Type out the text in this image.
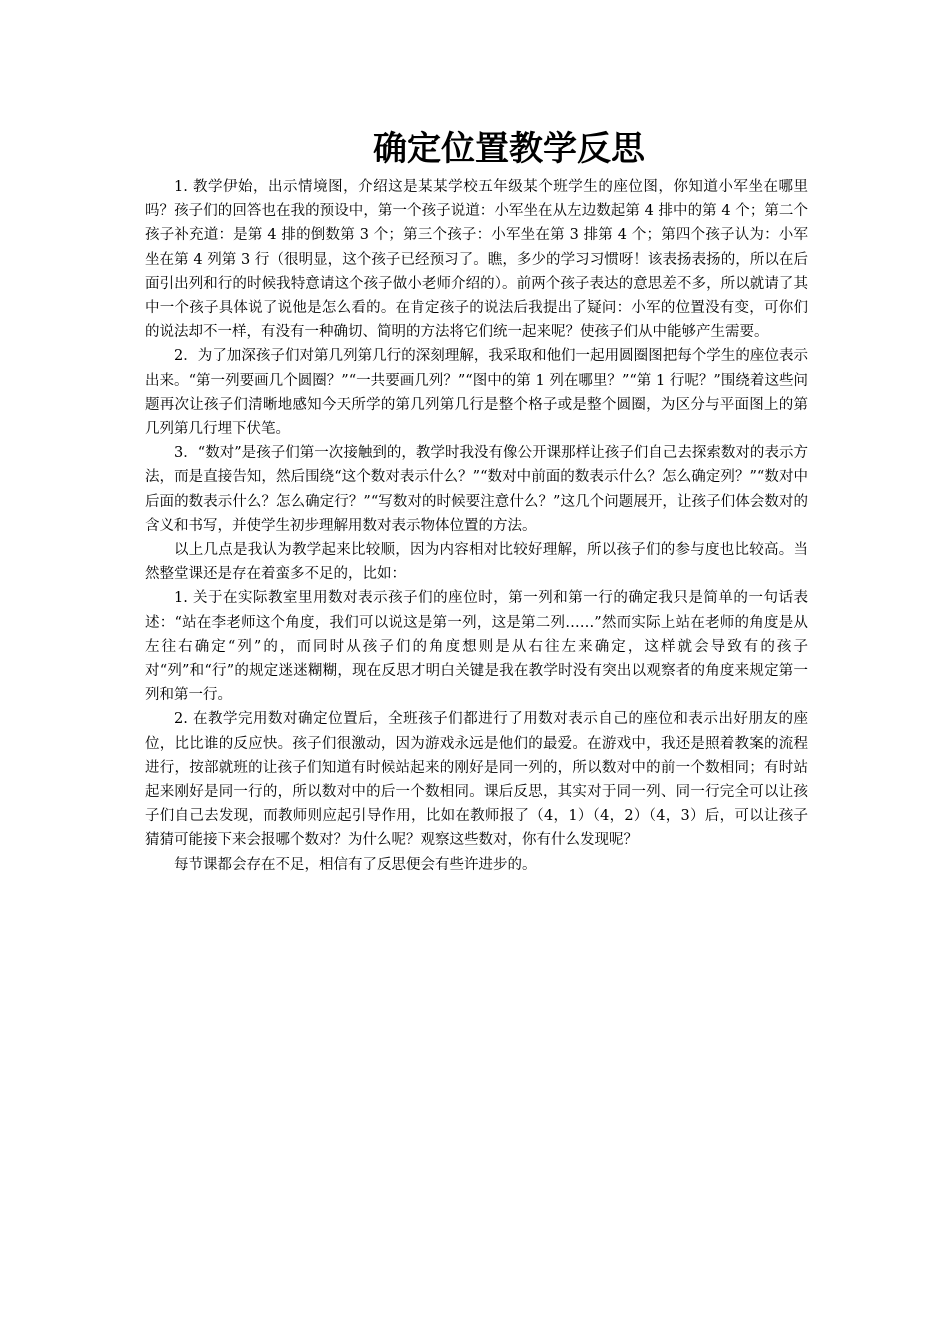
确定位置教学反思

1. 教学伊始，出示情境图，介绍这是某某学校五年级某个班学生的座位图，你知道小军坐在哪里吗？孩子们的回答也在我的预设中，第一个孩子说道：小军坐在从左边数起第 4 排中的第 4 个；第二个孩子补充道：是第 4 排的倒数第 3 个；第三个孩子：小军坐在第 3 排第 4 个；第四个孩子认为：小军坐在第 4 列第 3 行（很明显，这个孩子已经预习了。瞧，多少的学习习惯呀！该表扬表扬的，所以在后面引出列和行的时候我特意请这个孩子做小老师介绍的）。前两个孩子表达的意思差不多，所以就请了其中一个孩子具体说了说他是怎么看的。在肯定孩子的说法后我提出了疑问：小军的位置没有变，可你们的说法却不一样，有没有一种确切、简明的方法将它们统一起来呢？使孩子们从中能够产生需要。

2．为了加深孩子们对第几列第几行的深刻理解，我采取和他们一起用圆圈图把每个学生的座位表示出来。“第一列要画几个圆圈？”“一共要画几列？”“图中的第 1 列在哪里？”“第 1 行呢？”围绕着这些问题再次让孩子们清晰地感知今天所学的第几列第几行是整个格子或是整个圆圈，为区分与平面图上的第几列第几行埋下伏笔。

3．“数对”是孩子们第一次接触到的，教学时我没有像公开课那样让孩子们自己去探索数对的表示方法，而是直接告知，然后围绕“这个数对表示什么？”“数对中前面的数表示什么？怎么确定列？”“数对中后面的数表示什么？怎么确定行？”“写数对的时候要注意什么？”这几个问题展开，让孩子们体会数对的含义和书写，并使学生初步理解用数对表示物体位置的方法。

以上几点是我认为教学起来比较顺，因为内容相对比较好理解，所以孩子们的参与度也比较高。当然整堂课还是存在着蛮多不足的，比如：

1. 关于在实际教室里用数对表示孩子们的座位时，第一列和第一行的确定我只是简单的一句话表述：“站在李老师这个角度，我们可以说这是第一列，这是第二列……”然而实际上站在老师的角度是从左往右确定“列”的，而同时从孩子们的角度想则是从右往左来确定，这样就会导致有的孩子对“列”和“行”的规定迷迷糊糊，现在反思才明白关键是我在教学时没有突出以观察者的角度来规定第一列和第一行。

2. 在教学完用数对确定位置后，全班孩子们都进行了用数对表示自己的座位和表示出好朋友的座位，比比谁的反应快。孩子们很激动，因为游戏永远是他们的最爱。在游戏中，我还是照着教案的流程进行，按部就班的让孩子们知道有时候站起来的刚好是同一列的，所以数对中的前一个数相同；有时站起来刚好是同一行的，所以数对中的后一个数相同。课后反思，其实对于同一列、同一行完全可以让孩子们自己去发现，而教师则应起引导作用，比如在教师报了（4，1）（4，2）（4，3）后，可以让孩子猜猜可能接下来会报哪个数对？为什么呢？观察这些数对，你有什么发现呢？

每节课都会存在不足，相信有了反思便会有些许进步的。
